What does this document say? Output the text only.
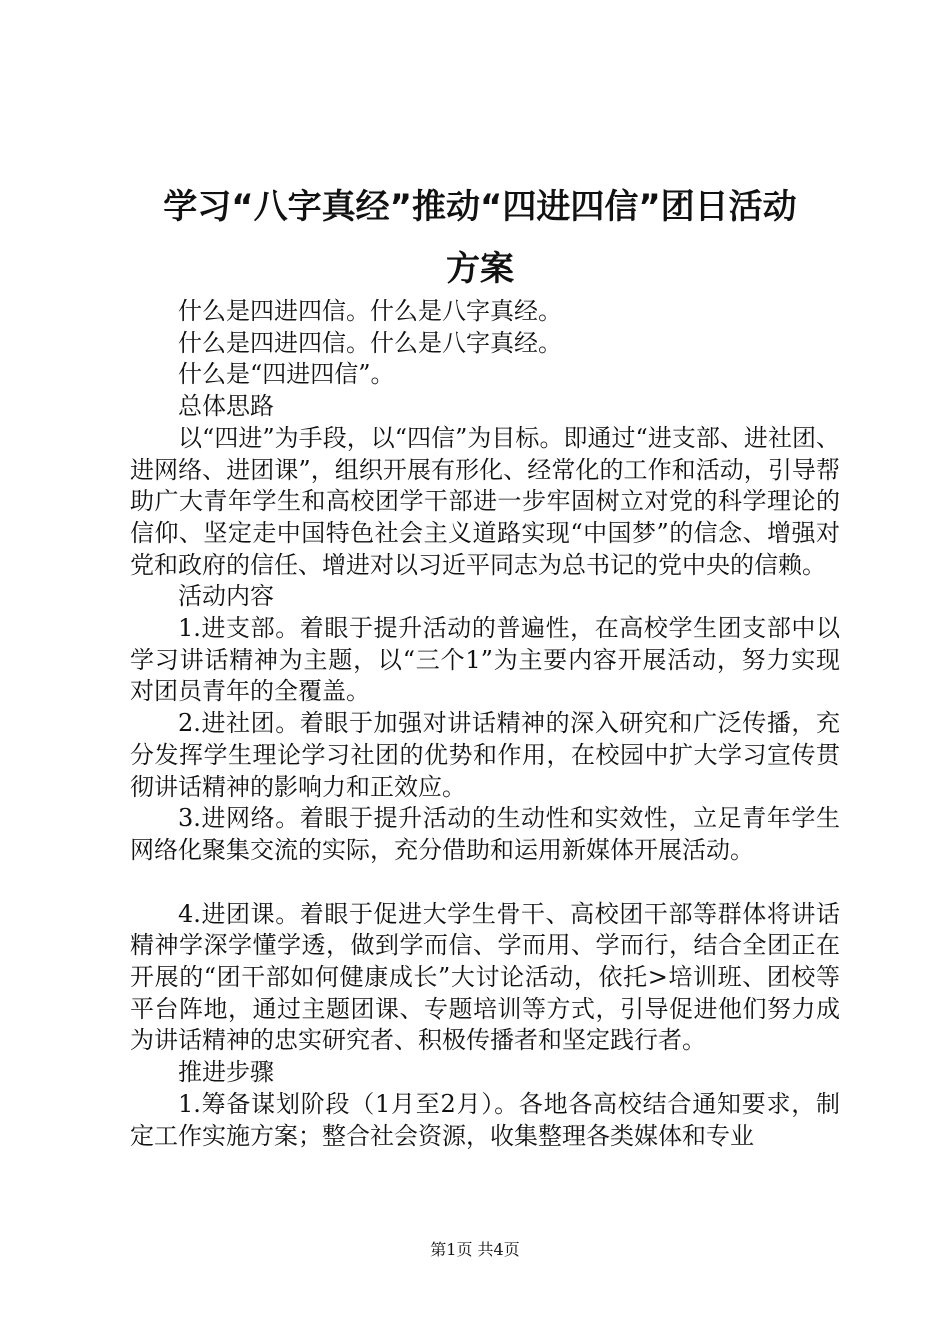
学习“八字真经”推动“四进四信”团日活动
方案

什么是四进四信。什么是八字真经。

什么是四进四信。什么是八字真经。

什么是“四进四信”。

总体思路

以“四进”为手段，以“四信”为目标。即通过“进支部、进社团、进网络、进团课”，组织开展有形化、经常化的工作和活动，引导帮助广大青年学生和高校团学干部进一步牢固树立对党的科学理论的信仰、坚定走中国特色社会主义道路实现“中国梦”的信念、增强对党和政府的信任、增进对以习近平同志为总书记的党中央的信赖。

活动内容

1.进支部。着眼于提升活动的普遍性，在高校学生团支部中以学习讲话精神为主题，以“三个1”为主要内容开展活动，努力实现对团员青年的全覆盖。

2.进社团。着眼于加强对讲话精神的深入研究和广泛传播，充分发挥学生理论学习社团的优势和作用，在校园中扩大学习宣传贯彻讲话精神的影响力和正效应。

3.进网络。着眼于提升活动的生动性和实效性，立足青年学生网络化聚集交流的实际，充分借助和运用新媒体开展活动。

4.进团课。着眼于促进大学生骨干、高校团干部等群体将讲话精神学深学懂学透，做到学而信、学而用、学而行，结合全团正在开展的“团干部如何健康成长”大讨论活动，依托>培训班、团校等平台阵地，通过主题团课、专题培训等方式，引导促进他们努力成为讲话精神的忠实研究者、积极传播者和坚定践行者。

推进步骤

1.筹备谋划阶段（1月至2月）。各地各高校结合通知要求，制定工作实施方案；整合社会资源，收集整理各类媒体和专业

第1页 共4页
